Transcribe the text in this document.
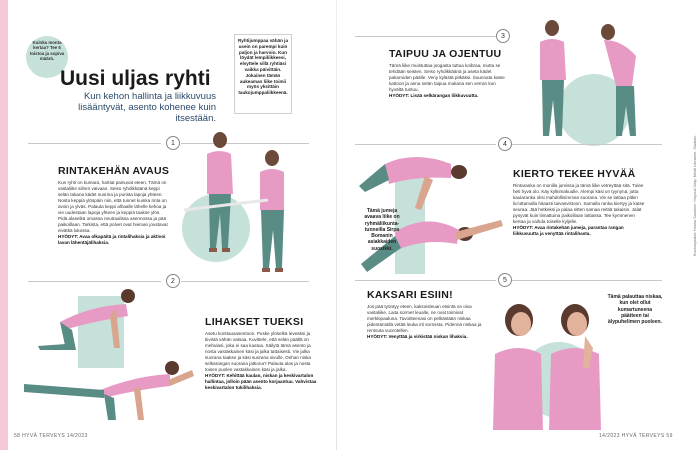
Kuinka monta kertaa? Tee 5 toistoa ja sopiva määrä.
Uusi uljas ryhti
Kun kehon hallinta ja liikkuvuus lisääntyvät, asento kohenee kuin itsestään.
Ryhtijumppaa vähän ja usein on parempi kuin paljon ja harvoin. Kun löydät lempiliikkeesi, elvyttele sillä ryhtiäsi vaikka päivittäin. Jokainen tämän aukeaman liike toimii myös yksittäin taukojumppaliikkeenä.
1
RINTAKEHÄN AVAUS
Kun ryhti on kumara, hartiat painuvat eteen. Tämä on vastaliike siihen vaivaan. Seiso ryhdikkäänä keppi selän takana kädet suorina ja purista lapoja yhteen. Nosta keppiä ylöspäin niin, että tunnet kuinka rinta on avoin ja ylväs. Palauta keppi alhaalle lähelle kehoa ja vie uudestaan lapoja yhteen ja keppiä taakse ylös. Pidä alaselkä omassa neutraalissa asennossa ja pää paikoillaan. Tarkista, että polvet ovat hieman joustavat eivätkä lukossa.
HYÖDYT: Avaa olkapäitä ja rintalihaksia ja aktivoi lavan lähentäjälihaksia.
2
LIHAKSET TUEKSI
Asetu konttausasentoon. Puske ylöselkä leveäksi ja tiivistä vähän vatsaa. Kuvittele, että selän päällä on mehulasi, joka ei saa kaatua. Säilytä tämä asento ja nosta vastakkainen käsi ja jalka tattaisesti. Vie jalka suorana taakse ja käsi suorana sivulle. Onhan niska selkärangan suorana jatkona? Palauta alas ja nosta toisen puolen vastakkainen käsi ja jalka.
HYÖDYT: Kehittää kaulan, niskan ja keskivartalon hallintaa, jolloin pään asento korjaantuu. Vahvistaa keskivartalon tukilihaksia.
58 HYVÄ TERVEYS 14/2023
3
TAIPUU JA OJENTUU
Tämä liike muistuttaa joogasta tuttua koibraa, mutta se tehdään seisten. Seiso ryhdikkäänä ja aseta kädet pakaroiden päälle. Veny kylästä pitkäksi. Suunnata katse kattoon ja anna selän taipua mukana sen verran kun hyvältä tuntuu.
HYÖDYT: Lisää selkärangan liikkuvuutta.
4
Tämä jumeja avaava liike on ryhmäliikunta-tunneilla Sirpa Bomanin asiakkaiden suosikki.
KIERTO TEKEE HYVÄÄ
Rintaranka on monilla jumissa ja tämä liike vetreyttää sitä. Tulee heti hyvä olo. Käy kylkimakuulle. Alempi käsi on tyynynä, jotta kaularanka olisi mahdollisimman suorana. Vie se lattiaa pitkin liu'uttamalla hitaasti taivasvistoon. Samalla ranka kiertyy ja katse seuraa. Jää hetkeksi ja palaa sitten samaa reittiä takaisin. Jalat pysyvät kuin liimattuina paikoillaan lattiassa. Tee kymmenen kertaa ja vaihda toiselle kyljelle.
HYÖDYT: Avaa rintakehän jumeja, parantaa rangan liikkuvuutta ja venyttää rintalihasta.
5
KAKSARI ESIIN!
Jos pää työntyy eteen, kaksoisleuan etsintä on oiva vastaliike. Laita sormet leualle, ne ovat toimivat merkkipaaluna. Tavoitteenasi on pelkästään niskaa pidentämällä vetää leuka irti sormista. Pidennä niskaa ja rentouta vuorotellen.
HYÖDYT: Venyttää ja virkistää niskan lihaksia.
Tämä palauttaa niskaa, kun olet ollut kumartuneena päätteen tai älypuhelimen puoleen.
Kuvauspaikat: Hanna Saarinen, Hayoud Oaip, Meidi Lihvanen, Stadium.
14/2023 HYVÄ TERVEYS 59
